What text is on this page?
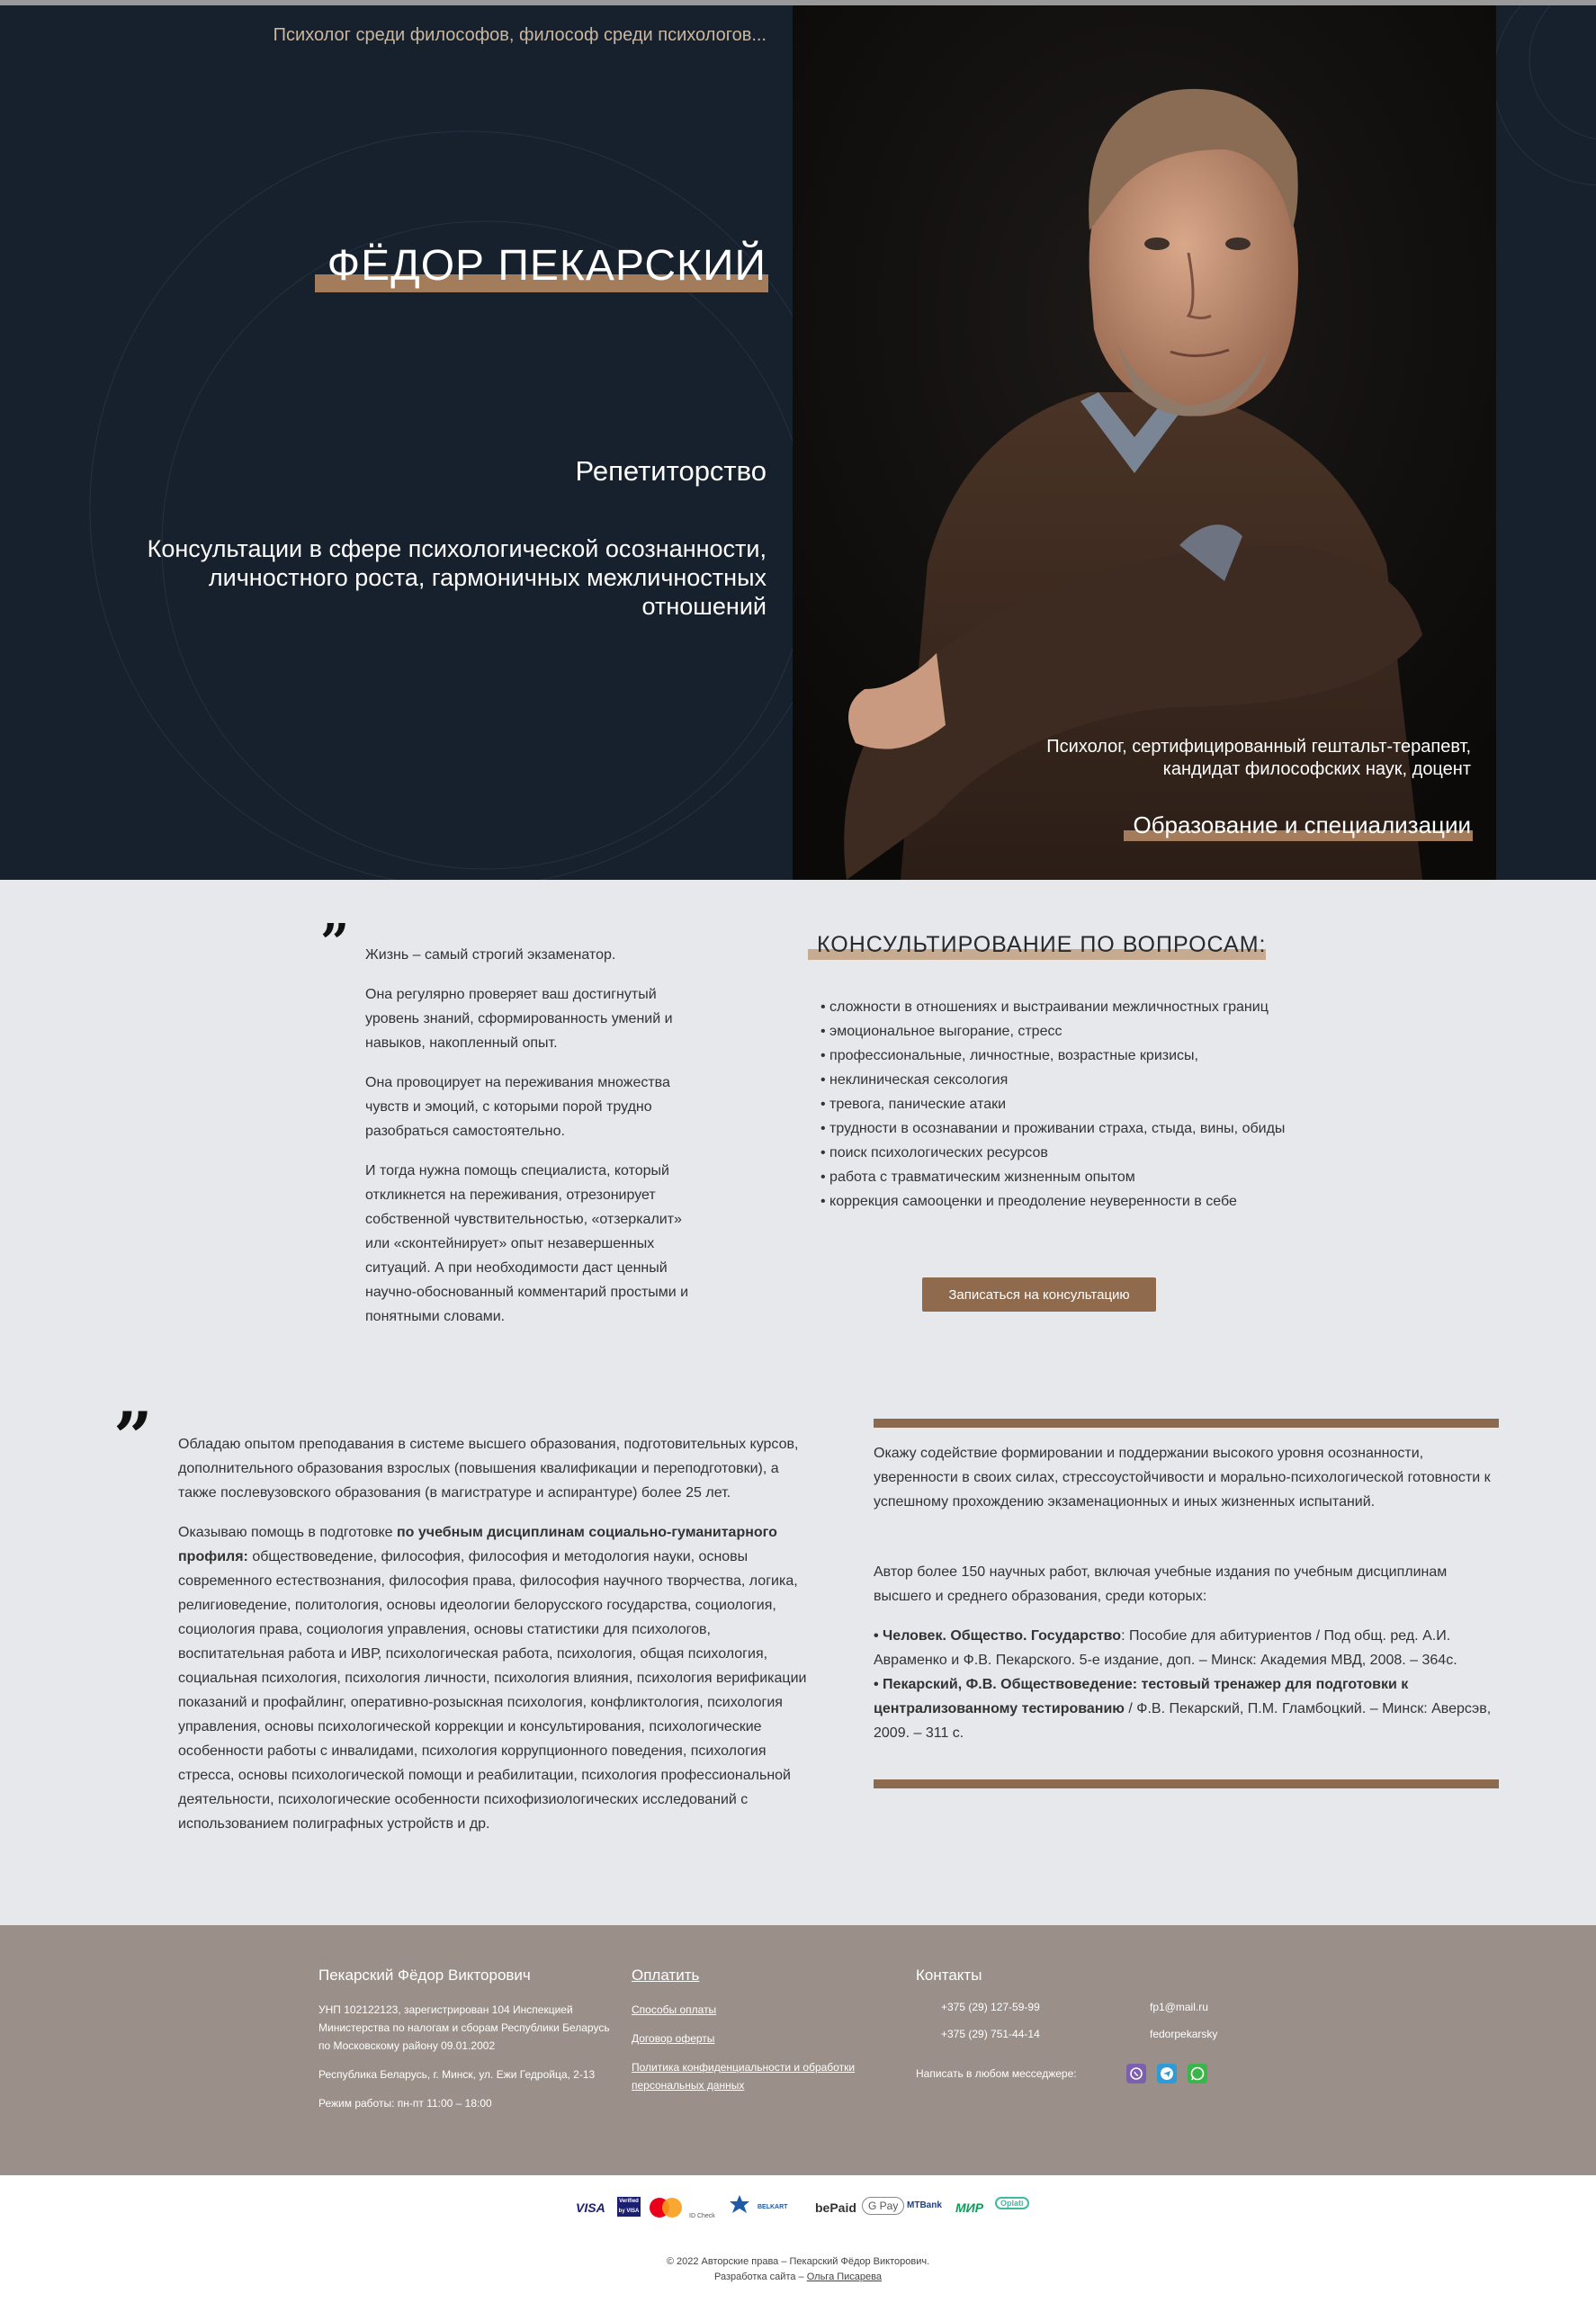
Психолог среди философов, философ среди психологов...
ФЁДОР ПЕКАРСКИЙ
Репетиторство
Консультации в сфере психологической осознанности, личностного роста, гармоничных межличностных отношений
Психолог, сертифицированный гештальт-терапевт,
кандидат философских наук, доцент
Образование и специализации
” Жизнь – самый строгий экзаменатор.

Она регулярно проверяет ваш достигнутый уровень знаний, сформированность умений и навыков, накопленный опыт.

Она провоцирует на переживания множества чувств и эмоций, с которыми порой трудно разобраться самостоятельно.

И тогда нужна помощь специалиста, который откликнется на переживания, отрезонирует собственной чувствительностью, «отзеркалит» или «сконтейнирует» опыт незавершенных ситуаций. А при необходимости даст ценный научно-обоснованный комментарий простыми и понятными словами.

КОНСУЛЬТИРОВАНИЕ ПО ВОПРОСАМ:
• сложности в отношениях и выстраивании межличностных границ
• эмоциональное выгорание, стресс
• профессиональные, личностные, возрастные кризисы,
• неклиническая сексология
• тревога, панические атаки
• трудности в осознавании и проживании страха, стыда, вины, обиды
• поиск психологических ресурсов
• работа с травматическим жизненным опытом
• коррекция самооценки и преодоление неуверенности в себе
Записаться на консультацию
” Обладаю опытом преподавания в системе высшего образования, подготовительных курсов, дополнительного образования взрослых (повышения квалификации и переподготовки), а также послевузовского образования (в магистратуре и аспирантуре) более 25 лет.

Оказываю помощь в подготовке по учебным дисциплинам социально-гуманитарного профиля: обществоведение, философия, философия и методология науки, основы современного естествознания, философия права, философия научного творчества, логика, религиоведение, политология, основы идеологии белорусского государства, социология, социология права, социология управления, основы статистики для психологов, воспитательная работа и ИВР, психологическая работа, психология, общая психология, социальная психология, психология личности, психология влияния, психология верификации показаний и профайлинг, оперативно-розыскная психология, конфликтология, психология управления, основы психологической коррекции и консультирования, психологические особенности работы с инвалидами, психология коррупционного поведения, психология стресса, основы психологической помощи и реабилитации, психология профессиональной деятельности, психологические особенности психофизиологических исследований с использованием полиграфных устройств и др.

Окажу содействие формировании и поддержании высокого уровня осознанности, уверенности в своих силах, стрессоустойчивости и морально-психологической готовности к успешному прохождению экзаменационных и иных жизненных испытаний.

Автор более 150 научных работ, включая учебные издания по учебным дисциплинам высшего и среднего образования, среди которых:

• Человек. Общество. Государство: Пособие для абитуриентов / Под общ. ред. А.И. Авраменко и Ф.В. Пекарского. 5-е издание, доп. – Минск: Академия МВД, 2008. – 364с.

• Пекарский, Ф.В. Обществоведение: тестовый тренажер для подготовки к централизованному тестированию / Ф.В. Пекарский, П.М. Гламбоцкий. – Минск: Аверсэв, 2009. – 311 с.

Пекарский Фёдор Викторович
УНП 102122123, зарегистрирован 104 Инспекцией Министерства по налогам и сборам Республики Беларусь по Московскому району 09.01.2002
Республика Беларусь, г. Минск, ул. Ежи Гедройца, 2-13
Режим работы: пн-пт 11:00 – 18:00
Оплатить
Способы оплаты
Договор оферты
Политика конфиденциальности и обработки персональных данных
Контакты
+375 (29) 127-59-99
+375 (29) 751-44-14
fp1@mail.ru
fedorpekarsky
Написать в любом месседжере:
VISA	Verified by VISA
ID Check
BELKART bePaid	G Pay MTBank МИР	Oplati
© 2022 Авторские права – Пекарский Фёдор Викторович.
Разработка сайта – Ольга Писарева
